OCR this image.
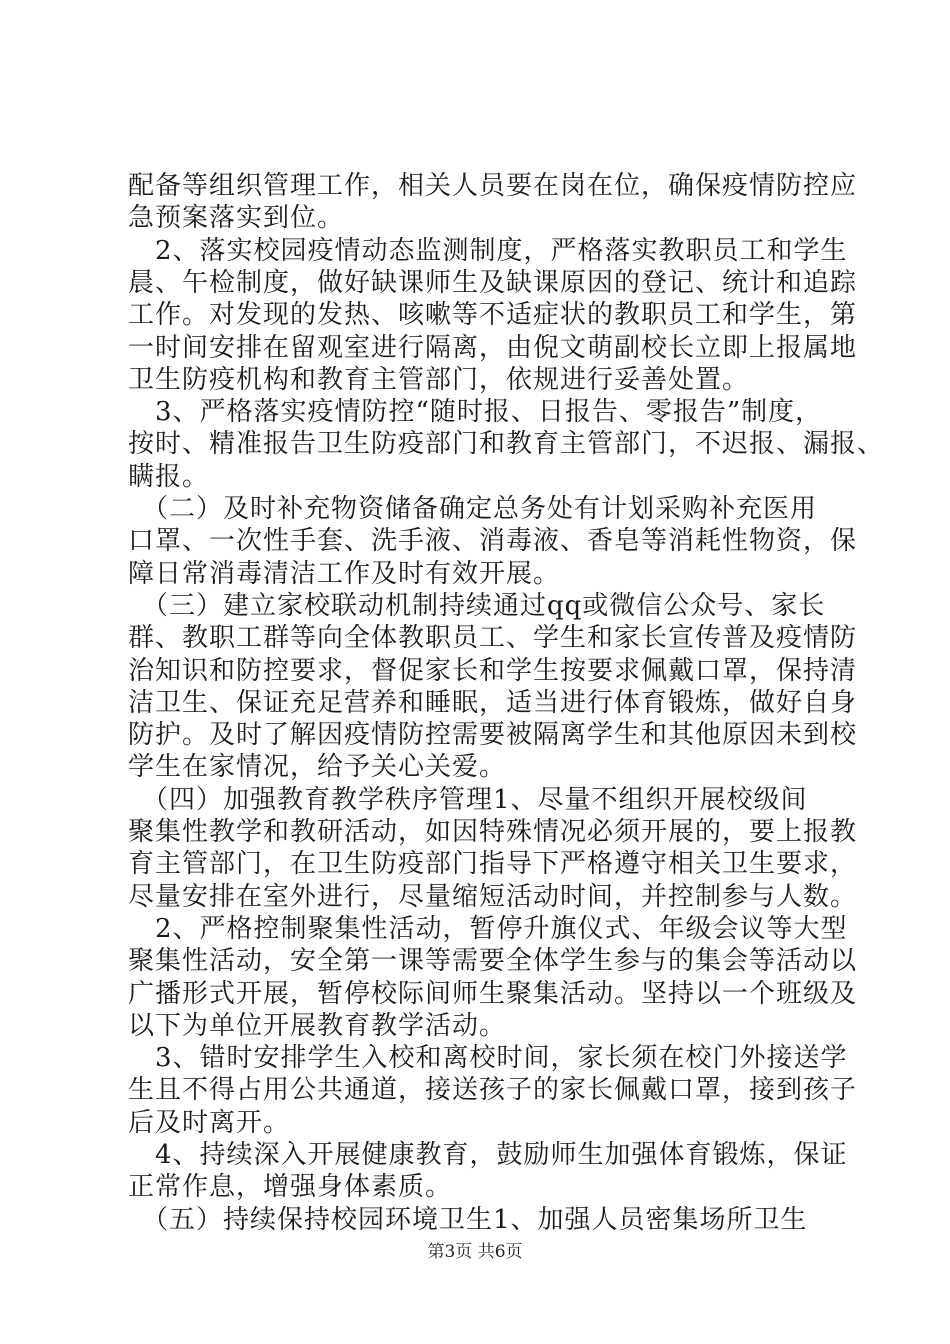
配备等组织管理工作，相关人员要在岗在位，确保疫情防控应
急预案落实到位。
　2、落实校园疫情动态监测制度，严格落实教职员工和学生
晨、午检制度，做好缺课师生及缺课原因的登记、统计和追踪
工作。对发现的发热、咳嗽等不适症状的教职员工和学生，第
一时间安排在留观室进行隔离，由倪文萌副校长立即上报属地
卫生防疫机构和教育主管部门，依规进行妥善处置。
　3、严格落实疫情防控“随时报、日报告、零报告”制度，
按时、精准报告卫生防疫部门和教育主管部门，不迟报、漏报、
瞒报。
　（二）及时补充物资储备确定总务处有计划采购补充医用
口罩、一次性手套、洗手液、消毒液、香皂等消耗性物资，保
障日常消毒清洁工作及时有效开展。
　（三）建立家校联动机制持续通过qq或微信公众号、家长
群、教职工群等向全体教职员工、学生和家长宣传普及疫情防
治知识和防控要求，督促家长和学生按要求佩戴口罩，保持清
洁卫生、保证充足营养和睡眠，适当进行体育锻炼，做好自身
防护。及时了解因疫情防控需要被隔离学生和其他原因未到校
学生在家情况，给予关心关爱。
　（四）加强教育教学秩序管理1、尽量不组织开展校级间
聚集性教学和教研活动，如因特殊情况必须开展的，要上报教
育主管部门，在卫生防疫部门指导下严格遵守相关卫生要求，
尽量安排在室外进行，尽量缩短活动时间，并控制参与人数。
　2、严格控制聚集性活动，暂停升旗仪式、年级会议等大型
聚集性活动，安全第一课等需要全体学生参与的集会等活动以
广播形式开展，暂停校际间师生聚集活动。坚持以一个班级及
以下为单位开展教育教学活动。
　3、错时安排学生入校和离校时间，家长须在校门外接送学
生且不得占用公共通道，接送孩子的家长佩戴口罩，接到孩子
后及时离开。
　4、持续深入开展健康教育，鼓励师生加强体育锻炼，保证
正常作息，增强身体素质。
　（五）持续保持校园环境卫生1、加强人员密集场所卫生
第3页 共6页
